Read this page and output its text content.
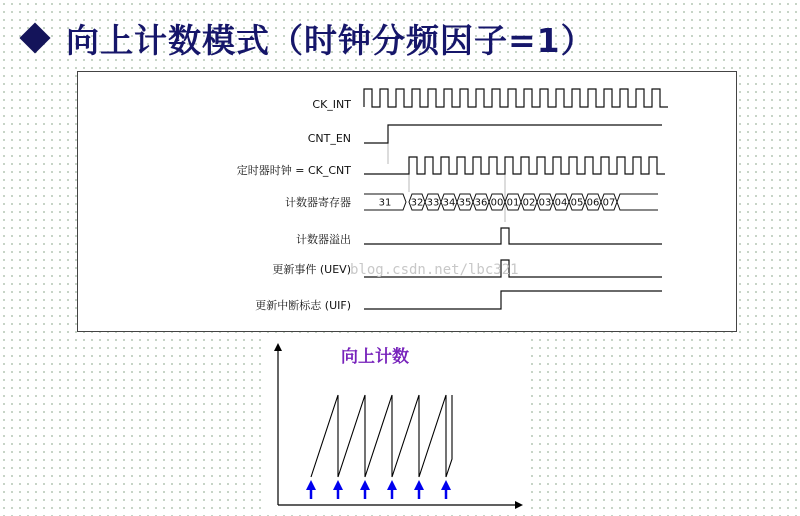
向上计数模式（时钟分频因子=1）
CK_INT
CNT_EN
定时器时钟 = CK_CNT
计数器寄存器
计数器溢出
更新事件 (UEV)
更新中断标志 (UIF)
31 32 33 34 35 36 00 01 02 03 04 05 06 07
blog.csdn.net/lbc321
向上计数
